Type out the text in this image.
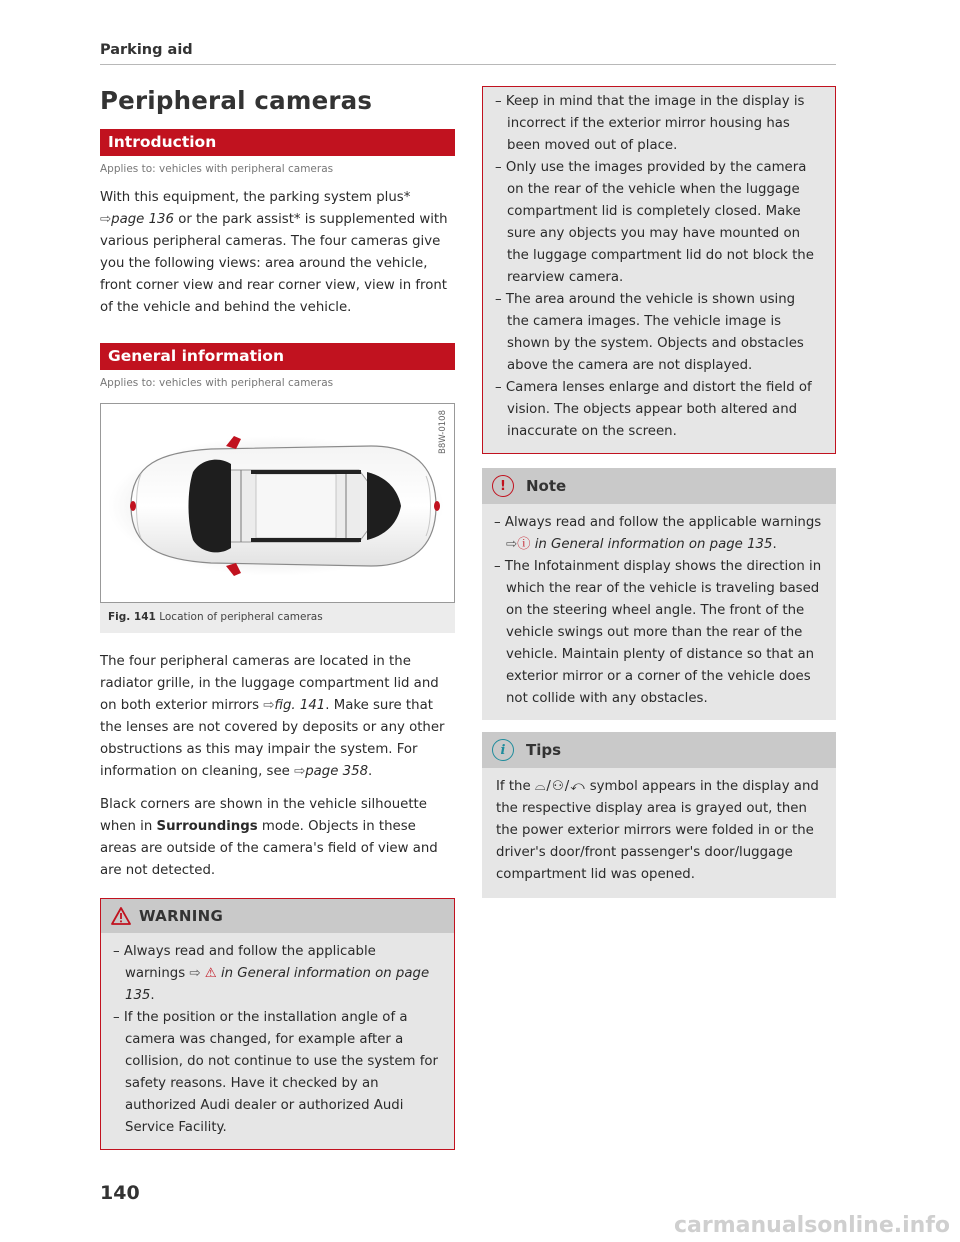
Parking aid
Peripheral cameras
Introduction
Applies to: vehicles with peripheral cameras

With this equipment, the parking system plus* ⇨page 136 or the park assist* is supplemented with various peripheral cameras. The four cameras give you the following views: area around the vehicle, front corner view and rear corner view, view in front of the vehicle and behind the vehicle.

General information
Applies to: vehicles with peripheral cameras
B8W-0108
Fig. 141 Location of peripheral cameras

The four peripheral cameras are located in the radiator grille, in the luggage compartment lid and on both exterior mirrors ⇨fig. 141. Make sure that the lenses are not covered by deposits or any other obstructions as this may impair the system. For information on cleaning, see ⇨page 358.

Black corners are shown in the vehicle silhouette when in Surroundings mode. Objects in these areas are outside of the camera's field of view and are not detected.

WARNING
– Always read and follow the applicable warnings ⇨ ⚠ in General information on page 135.
– If the position or the installation angle of a camera was changed, for example after a collision, do not continue to use the system for safety reasons. Have it checked by an authorized Audi dealer or authorized Audi Service Facility.
140
– Keep in mind that the image in the display is incorrect if the exterior mirror housing has been moved out of place.
– Only use the images provided by the camera on the rear of the vehicle when the luggage compartment lid is completely closed. Make sure any objects you may have mounted on the luggage compartment lid do not block the rearview camera.
– The area around the vehicle is shown using the camera images. The vehicle image is shown by the system. Objects and obstacles above the camera are not displayed.
– Camera lenses enlarge and distort the field of vision. The objects appear both altered and inaccurate on the screen.
!	Note
– Always read and follow the applicable warnings ⇨ⓘ in General information on page 135.
– The Infotainment display shows the direction in which the rear of the vehicle is traveling based on the steering wheel angle. The front of the vehicle swings out more than the rear of the vehicle. Maintain plenty of distance so that an exterior mirror or a corner of the vehicle does not collide with any obstacles.
i	Tips

If the ⌓/⚇/⤺ symbol appears in the display and the respective display area is grayed out, then the power exterior mirrors were folded in or the driver's door/front passenger's door/luggage compartment lid was opened.

carmanualsonline.info
